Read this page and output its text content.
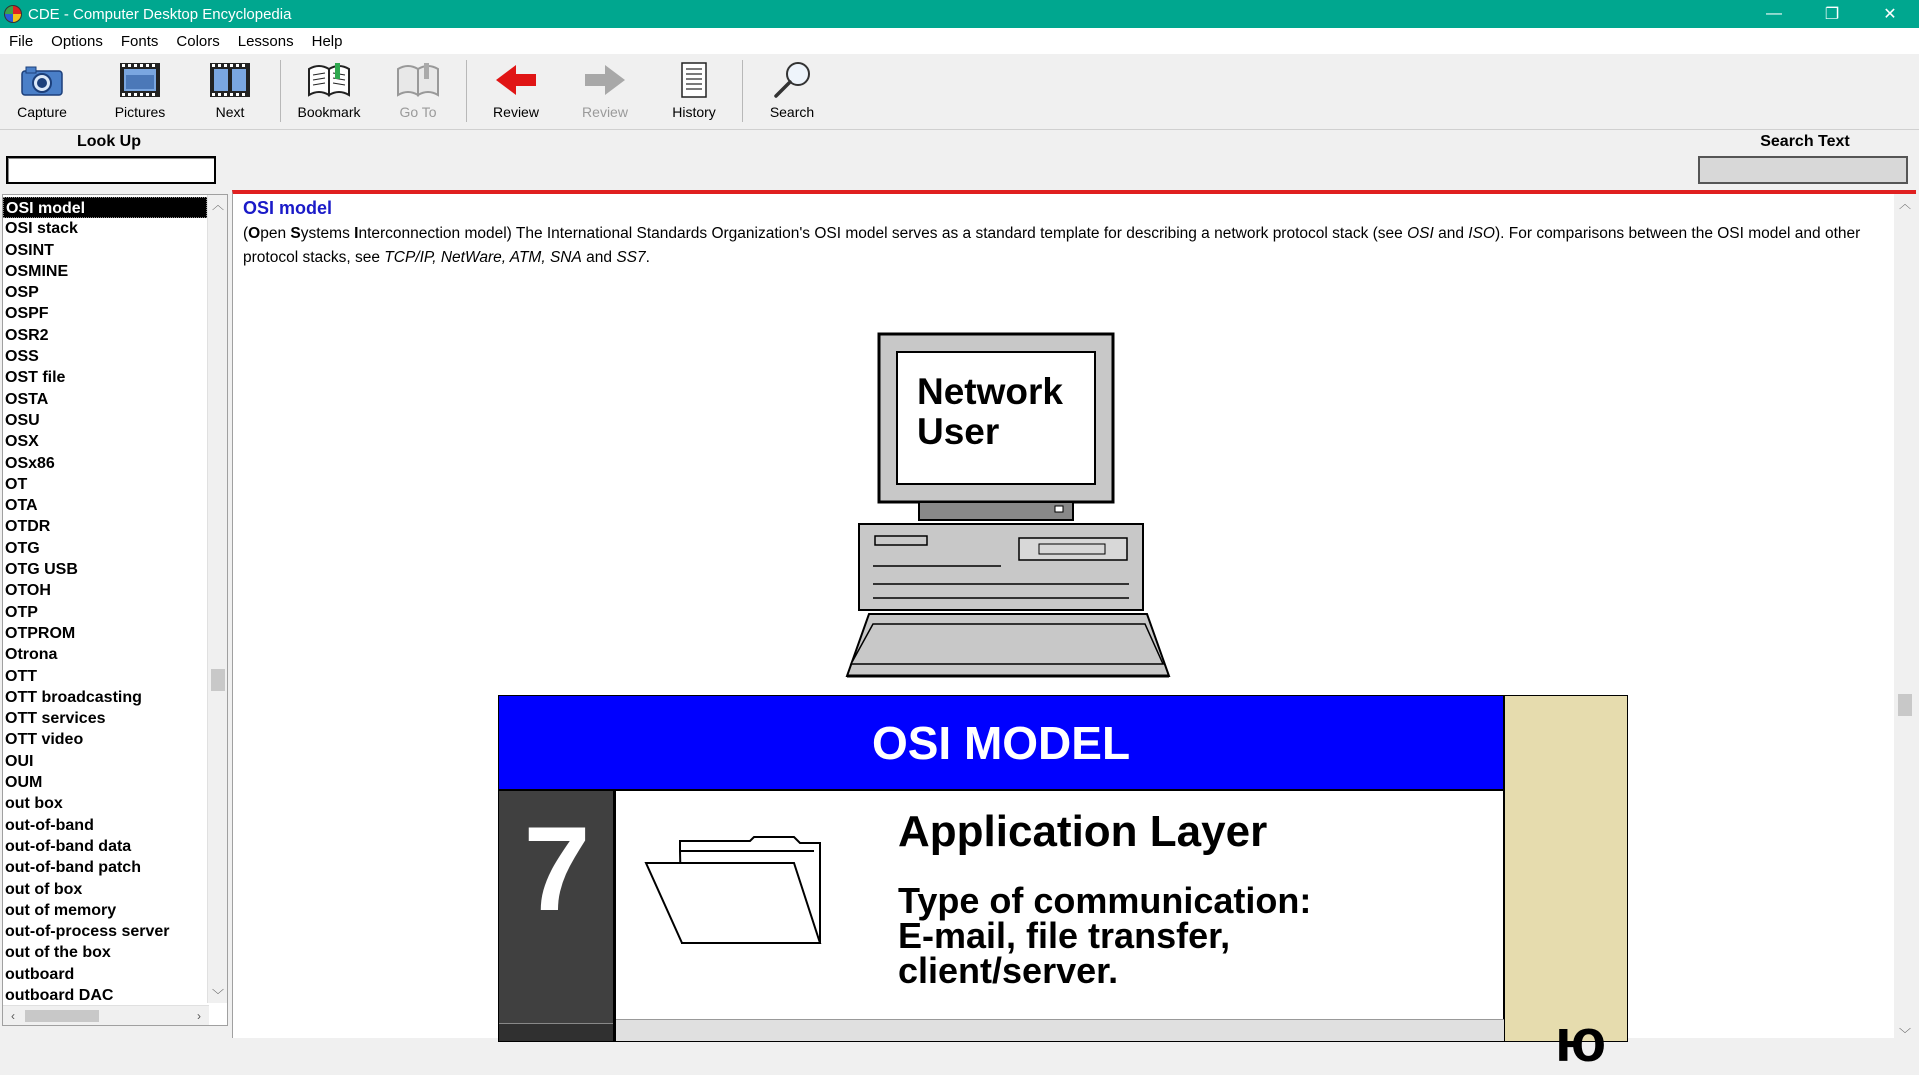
CDE - Computer Desktop Encyclopedia	—	❐	✕
File	Options	Fonts	Colors	Lessons	Help
Capture	Pictures	Next	Bookmark	Go To	Review	Review	History	Search
Look Up	Search Text
OSI model
OSI stack
OSINT
OSMINE
OSP
OSPF
OSR2
OSS
OST file
OSTA
OSU
OSX
OSx86
OT
OTA
OTDR
OTG
OTG USB
OTOH
OTP
OTPROM
Otrona
OTT
OTT broadcasting
OTT services
OTT video
OUI
OUM
out box
out-of-band
out-of-band data
out-of-band patch
out of box
out of memory
out-of-process server
out of the box
outboard
outboard DAC
︿
﹀
‹	›
OSI model
(Open Systems Interconnection model) The International Standards Organization's OSI model serves as a standard template for describing a network protocol stack (see OSI and ISO). For comparisons between the OSI model and other protocol stacks, see TCP/IP, NetWare, ATM, SNA and SS7.
Network
User
OSI MODEL
ю
7	Application Layer
Type of communication:
E-mail, file transfer,
client/server.
︿
﹀
